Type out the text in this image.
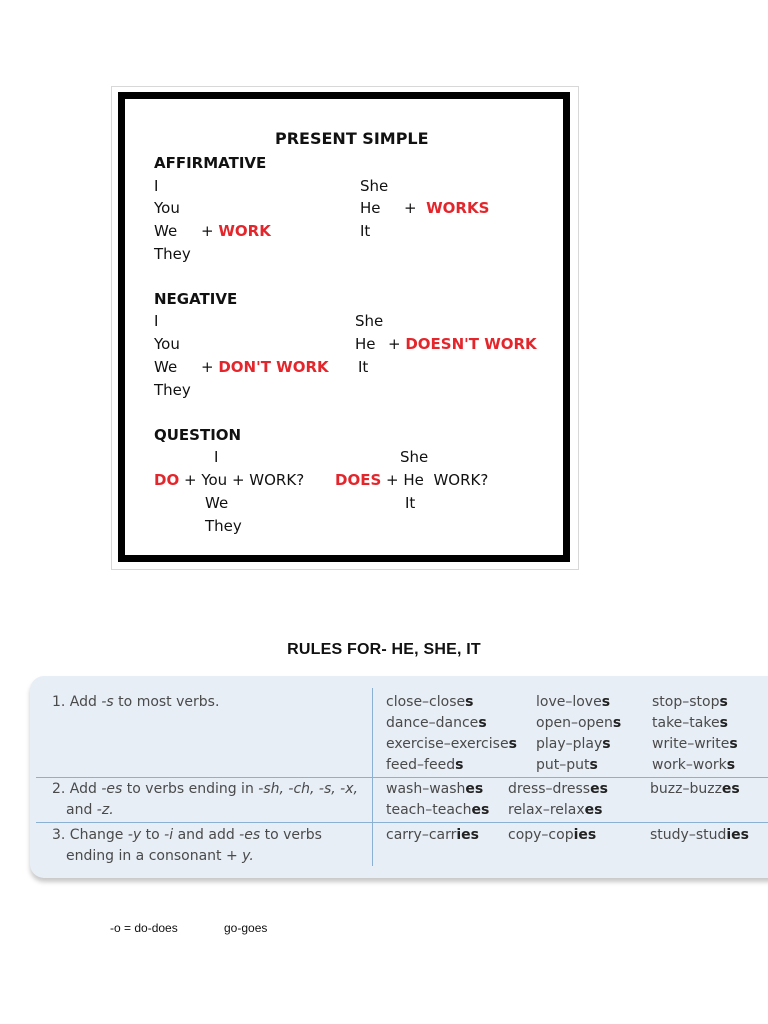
PRESENT SIMPLE
AFFIRMATIVE
I
You
We + WORK
They
She
He +  WORKS
It
NEGATIVE
I
You
We + DON'T WORK
They
She
He + DOESN'T WORK
It
QUESTION
I
DO + You + WORK?
We
They
She
DOES + He  WORK?
It
RULES FOR- HE, SHE, IT
1. Add -s to most verbs.	close–closes	love–loves	stop–stops
dance–dances	open–opens take–takes
exercise–exercises play–plays	write–writes
feed–feeds	put–puts	work–works
2. Add -es to verbs ending in -sh, -ch, -s, -x,
and -z.
wash–washes dress–dresses	buzz–buzzes
teach–teaches relax–relaxes
3. Change -y to -i and add -es to verbs
ending in a consonant + y.
carry–carries copy–copies	study–studies
-o = do-does	go-goes
